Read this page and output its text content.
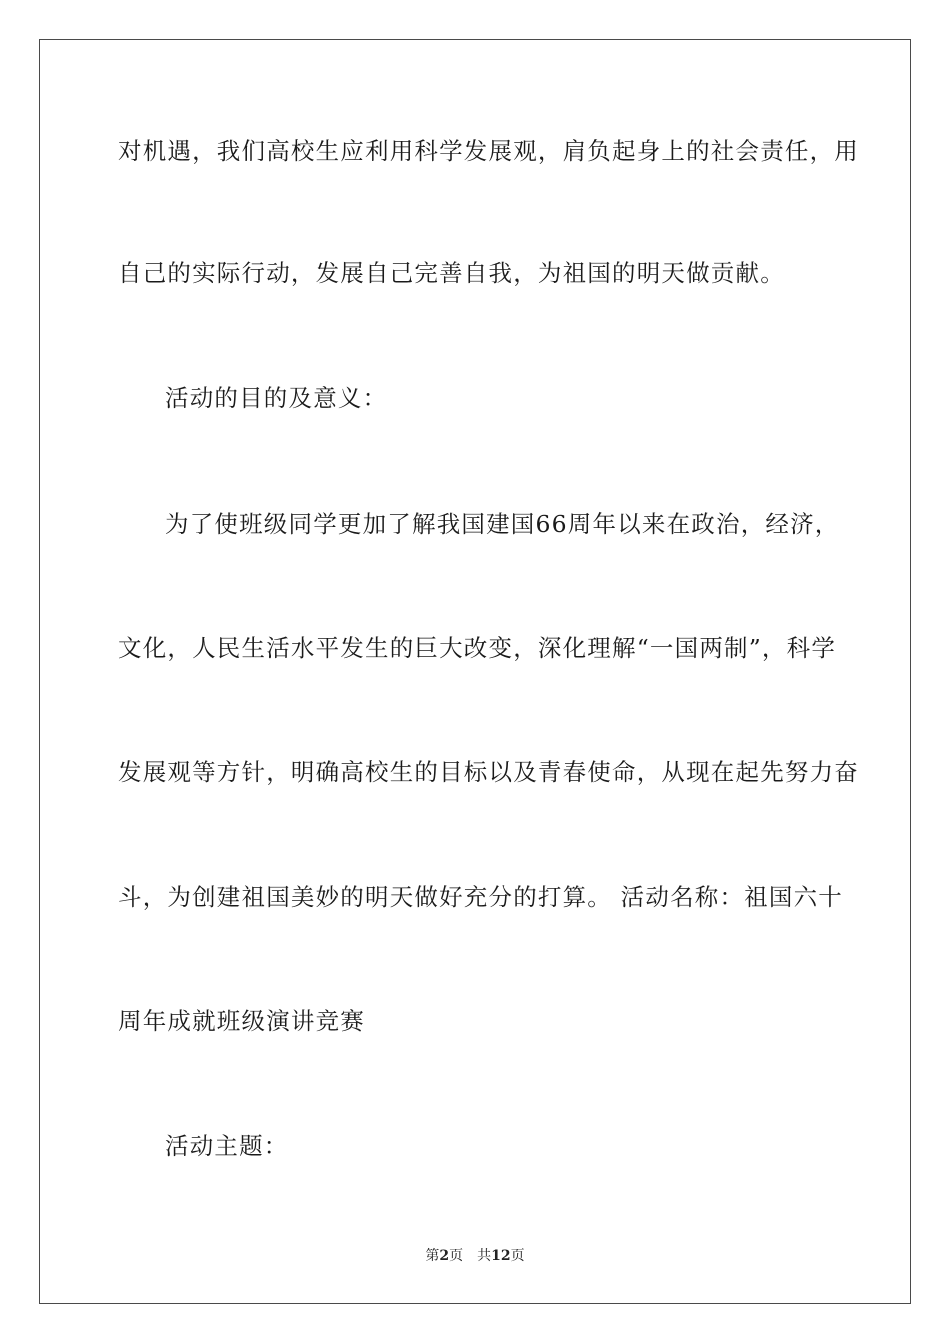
对机遇，我们高校生应利用科学发展观，肩负起身上的社会责任，用
自己的实际行动，发展自己完善自我，为祖国的明天做贡献。
活动的目的及意义：
为了使班级同学更加了解我国建国66周年以来在政治，经济，
文化，人民生活水平发生的巨大改变，深化理解“一国两制”，科学
发展观等方针，明确高校生的目标以及青春使命，从现在起先努力奋
斗，为创建祖国美妙的明天做好充分的打算。 活动名称：祖国六十
周年成就班级演讲竞赛
活动主题：
第2页 共12页
